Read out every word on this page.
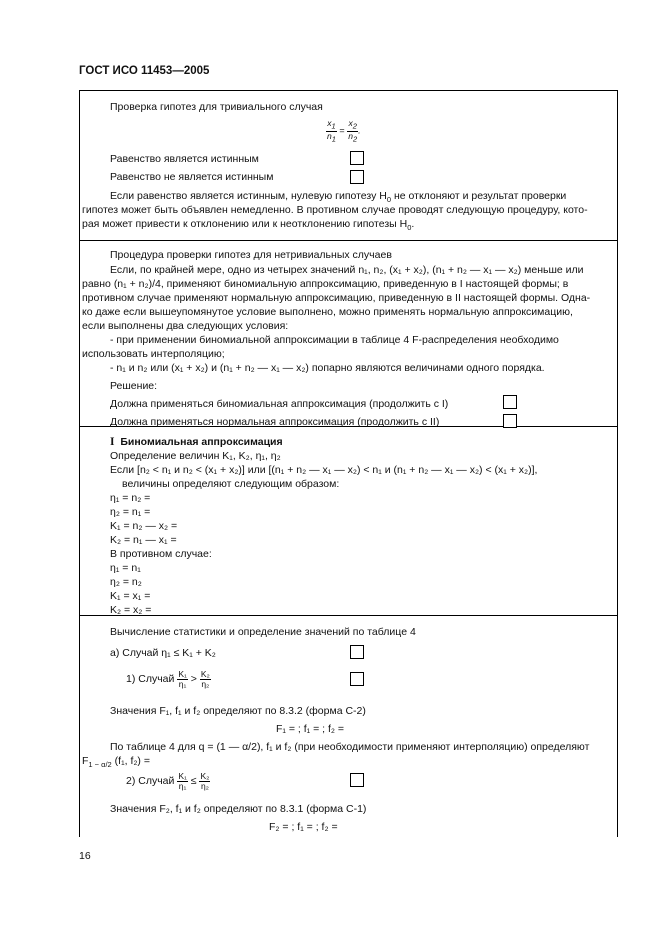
ГОСТ ИСО 11453—2005
Проверка гипотез для тривиального случая
$\frac{x_1}{n_1} = \frac{x_2}{n_2}$ .
Равенство является истинным
Равенство не является истинным
Если равенство является истинным, нулевую гипотезу $H_0$ не отклоняют и результат проверки
гипотез может быть объявлен немедленно. В противном случае проводят следующую процедуру, кото-
рая может привести к отклонению или к неотклонению гипотезы $H_0$.
Процедура проверки гипотез для нетривиальных случаев
Если, по крайней мере, одно из четырех значений n₁, n₂, (x₁ + x₂), (n₁ + n₂ — x₁ — x₂) меньше или
равно (n₁ + n₂)/4, применяют биномиальную аппроксимацию, приведенную в I настоящей формы; в
противном случае применяют нормальную аппроксимацию, приведенную в II настоящей формы. Одна-
ко даже если вышеупомянутое условие выполнено, можно применять нормальную аппроксимацию,
если выполнены два следующих условия:
- при применении биномиальной аппроксимации в таблице 4 F-распределения необходимо
использовать интерполяцию;
- n₁ и n₂ или (x₁ + x₂) и (n₁ + n₂ — x₁ — x₂) попарно являются величинами одного порядка.
Решение:
Должна применяться биномиальная аппроксимация (продолжить с I)
Должна применяться нормальная аппроксимация (продолжить с II)
I Биномиальная аппроксимация
Определение величин K₁, K₂, η₁, η₂
Если [n₂ < n₁ и n₂ < (x₁ + x₂)] или [(n₁ + n₂ — x₁ — x₂) < n₁ и (n₁ + n₂ — x₁ — x₂) < (x₁ + x₂)],
величины определяют следующим образом:
η₁ = n₂ =
η₂ = n₁ =
K₁ = n₂ — x₂ =
K₂ = n₁ — x₁ =
В противном случае:
η₁ = n₁
η₂ = n₂
K₁ = x₁ =
K₂ = x₂ =
Вычисление статистики и определение значений по таблице 4
а) Случай η₁ ≤ K₁ + K₂
1) Случай $\frac{\text{K₁}}{\text{η₁}} > \frac{\text{K₂}}{\text{η₂}}$
Значения F₁, f₁ и f₂ определяют по 8.3.2 (форма С-2)
F₁ = ; f₁ = ; f₂ =
По таблице 4 для q = (1 — α/2), f₁ и f₂ (при необходимости применяют интерполяцию) определяют
$F_{1 - \alpha/2}$ (f₁, f₂) =
2) Случай $\frac{\text{K₁}}{\text{η₁}} \le \frac{\text{K₂}}{\text{η₂}}$
Значения F₂, f₁ и f₂ определяют по 8.3.1 (форма С-1)
F₂ = ; f₁ = ; f₂ =
16
